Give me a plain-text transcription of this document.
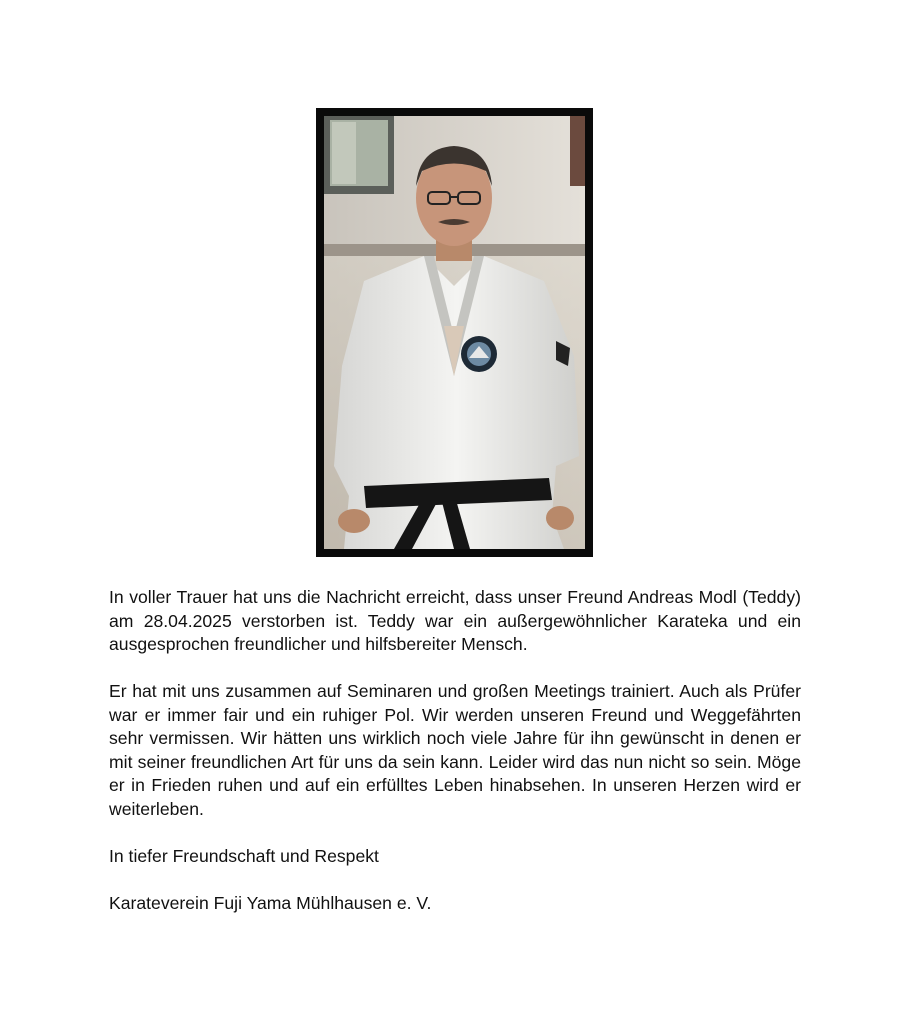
In voller Trauer hat uns die Nachricht erreicht, dass unser Freund Andreas Modl (Teddy) am 28.04.2025 verstorben ist. Teddy war ein außergewöhnlicher Karateka und ein ausgesprochen freundlicher und hilfsbereiter Mensch.

Er hat mit uns zusammen auf Seminaren und großen Meetings trainiert. Auch als Prüfer war er immer fair und ein ruhiger Pol. Wir werden unseren Freund und Weggefährten sehr vermissen. Wir hätten uns wirklich noch viele Jahre für ihn gewünscht in denen er mit seiner freundlichen Art für uns da sein kann. Leider wird das nun nicht so sein. Möge er in Frieden ruhen und auf ein erfülltes Leben hinabsehen. In unseren Herzen wird er weiterleben.

In tiefer Freundschaft und Respekt

Karateverein Fuji Yama Mühlhausen e. V.
